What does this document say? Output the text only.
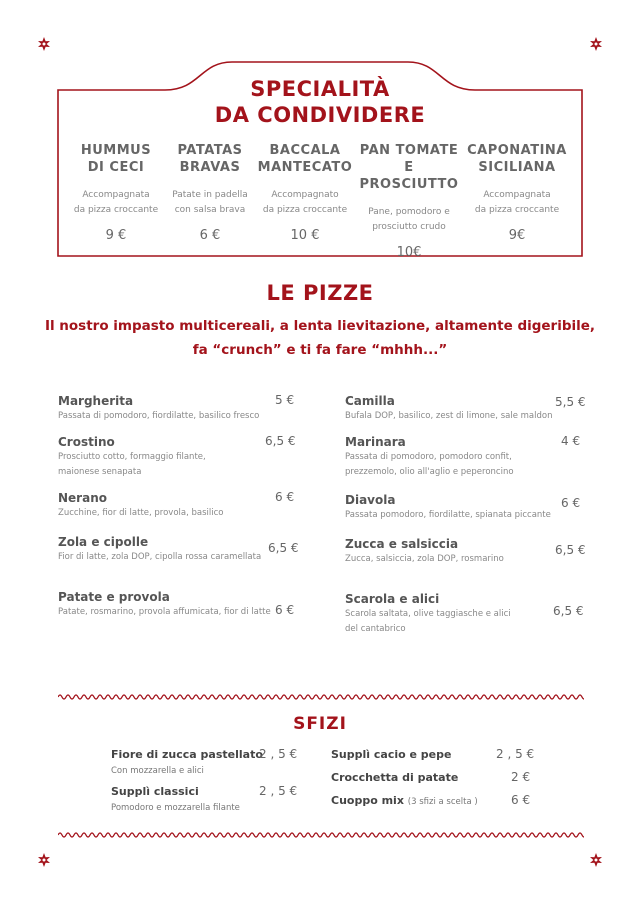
SPECIALITÀ
DA CONDIVIDERE
HUMMUS
DI CECI
Accompagnata
da pizza croccante
9 €
PATATAS
BRAVAS
Patate in padella
con salsa brava
6 €
BACCALA
MANTECATO
Accompagnato
da pizza croccante
10 €
PAN TOMATE
E PROSCIUTTO
Pane, pomodoro e
prosciutto crudo
10€
CAPONATINA
SICILIANA
Accompagnata
da pizza croccante
9€
LE PIZZE
Il nostro impasto multicereali, a lenta lievitazione, altamente digeribile,
fa “crunch” e ti fa fare “mhhh...”
Margherita
Passata di pomodoro, fiordilatte, basilico fresco
5 €
Crostino
Prosciutto cotto, formaggio filante,
maionese senapata
6,5 €
Nerano
Zucchine, fior di latte, provola, basilico
6 €
Zola e cipolle
Fior di latte, zola DOP, cipolla rossa caramellata
6,5 €
Patate e provola
Patate, rosmarino, provola affumicata, fior di latte 6 €
Camilla
Bufala DOP, basilico, zest di limone, sale maldon
5,5 €
Marinara
Passata di pomodoro, pomodoro confit,
prezzemolo, olio all'aglio e peperoncino
4 €
Diavola
Passata pomodoro, fiordilatte, spianata piccante
6 €
Zucca e salsiccia
Zucca, salsiccia, zola DOP, rosmarino
6,5 €
Scarola e alici
Scarola saltata, olive taggiasche e alici
del cantabrico
6,5 €
SFIZI
Fiore di zucca pastellato
Con mozzarella e alici
2 , 5 €
Supplì classici
Pomodoro e mozzarella filante
2 , 5 €
Supplì cacio e pepe	2 , 5 €
Crocchetta di patate	2 €
Cuoppo mix (3 sfizi a scelta )	6 €
